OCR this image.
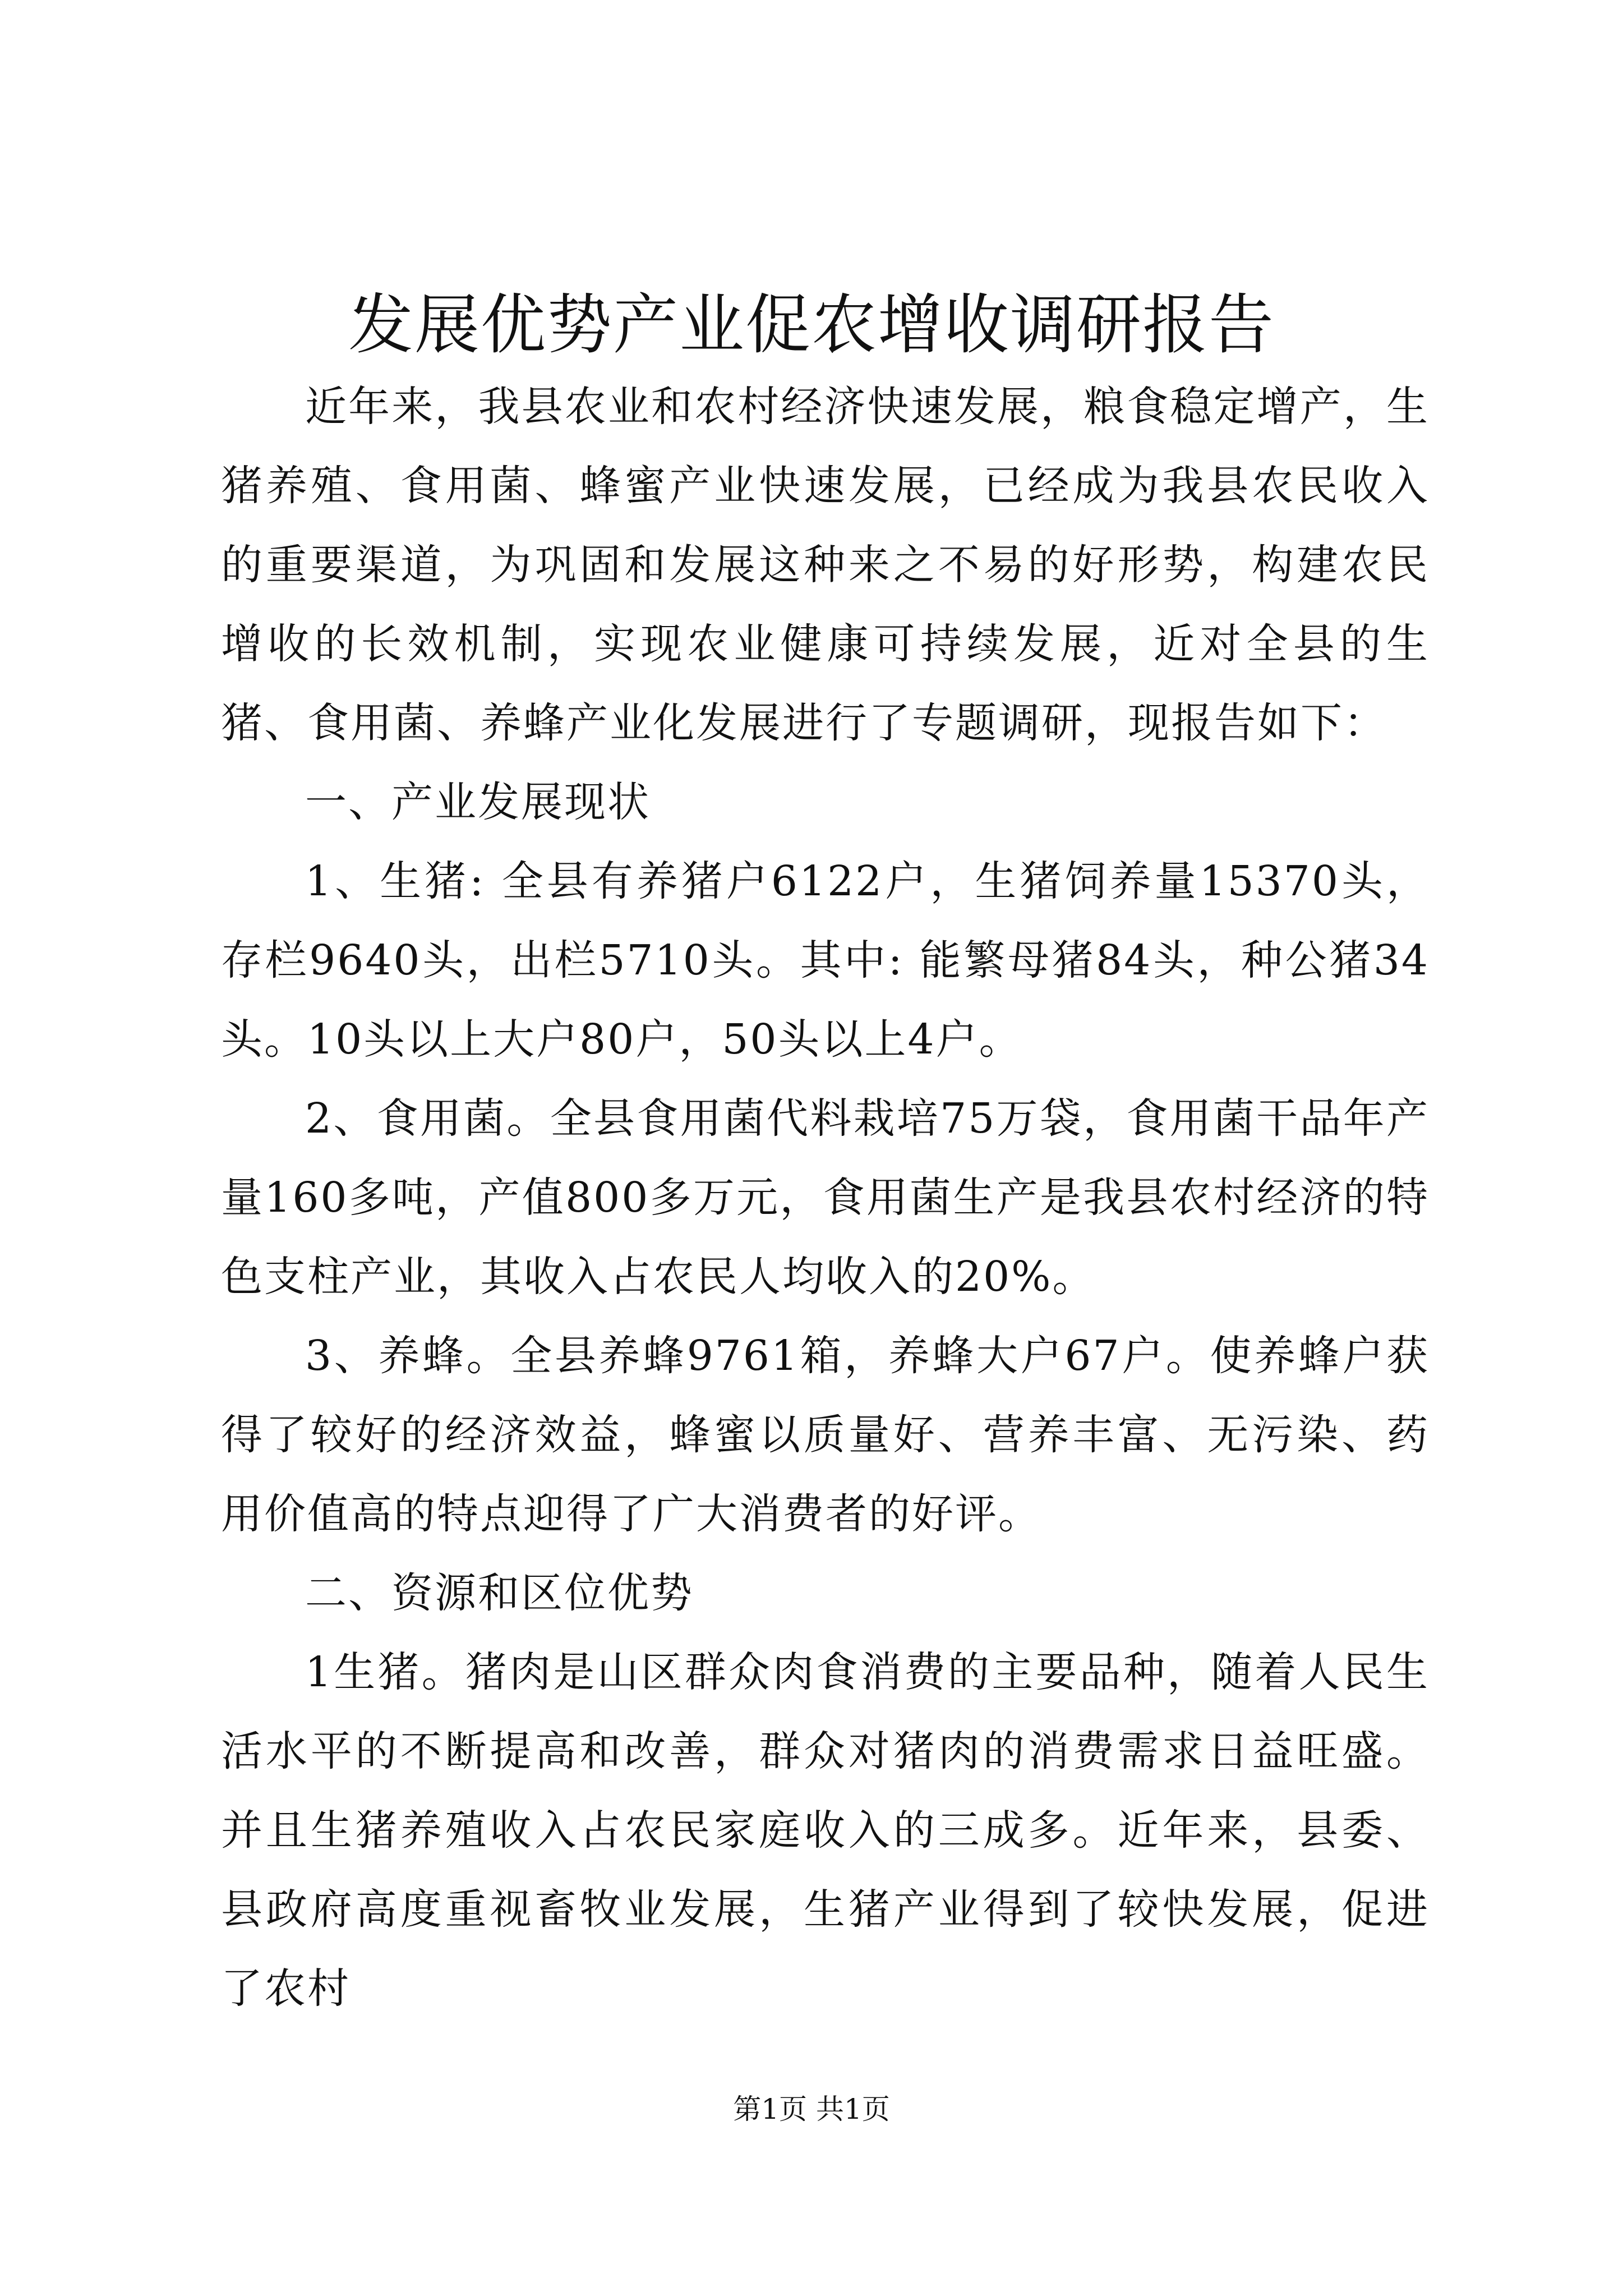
发展优势产业促农增收调研报告

近年来，我县农业和农村经济快速发展，粮食稳定增产，生猪养殖、食用菌、蜂蜜产业快速发展，已经成为我县农民收入的重要渠道，为巩固和发展这种来之不易的好形势，构建农民增收的长效机制，实现农业健康可持续发展，近对全县的生猪、食用菌、养蜂产业化发展进行了专题调研，现报告如下：

一、产业发展现状

1、生猪: 全县有养猪户6122户，生猪饲养量15370头，存栏9640头，出栏5710头。其中: 能繁母猪84头，种公猪34头。10头以上大户80户，50头以上4户。

2、食用菌。全县食用菌代料栽培75万袋，食用菌干品年产量160多吨，产值800多万元，食用菌生产是我县农村经济的特色支柱产业，其收入占农民人均收入的20%。

3、养蜂。全县养蜂9761箱，养蜂大户67户。使养蜂户获得了较好的经济效益，蜂蜜以质量好、营养丰富、无污染、药用价值高的特点迎得了广大消费者的好评。

二、资源和区位优势

1生猪。猪肉是山区群众肉食消费的主要品种，随着人民生活水平的不断提高和改善，群众对猪肉的消费需求日益旺盛。并且生猪养殖收入占农民家庭收入的三成多。近年来，县委、县政府高度重视畜牧业发展，生猪产业得到了较快发展，促进了农村

第1页 共1页
